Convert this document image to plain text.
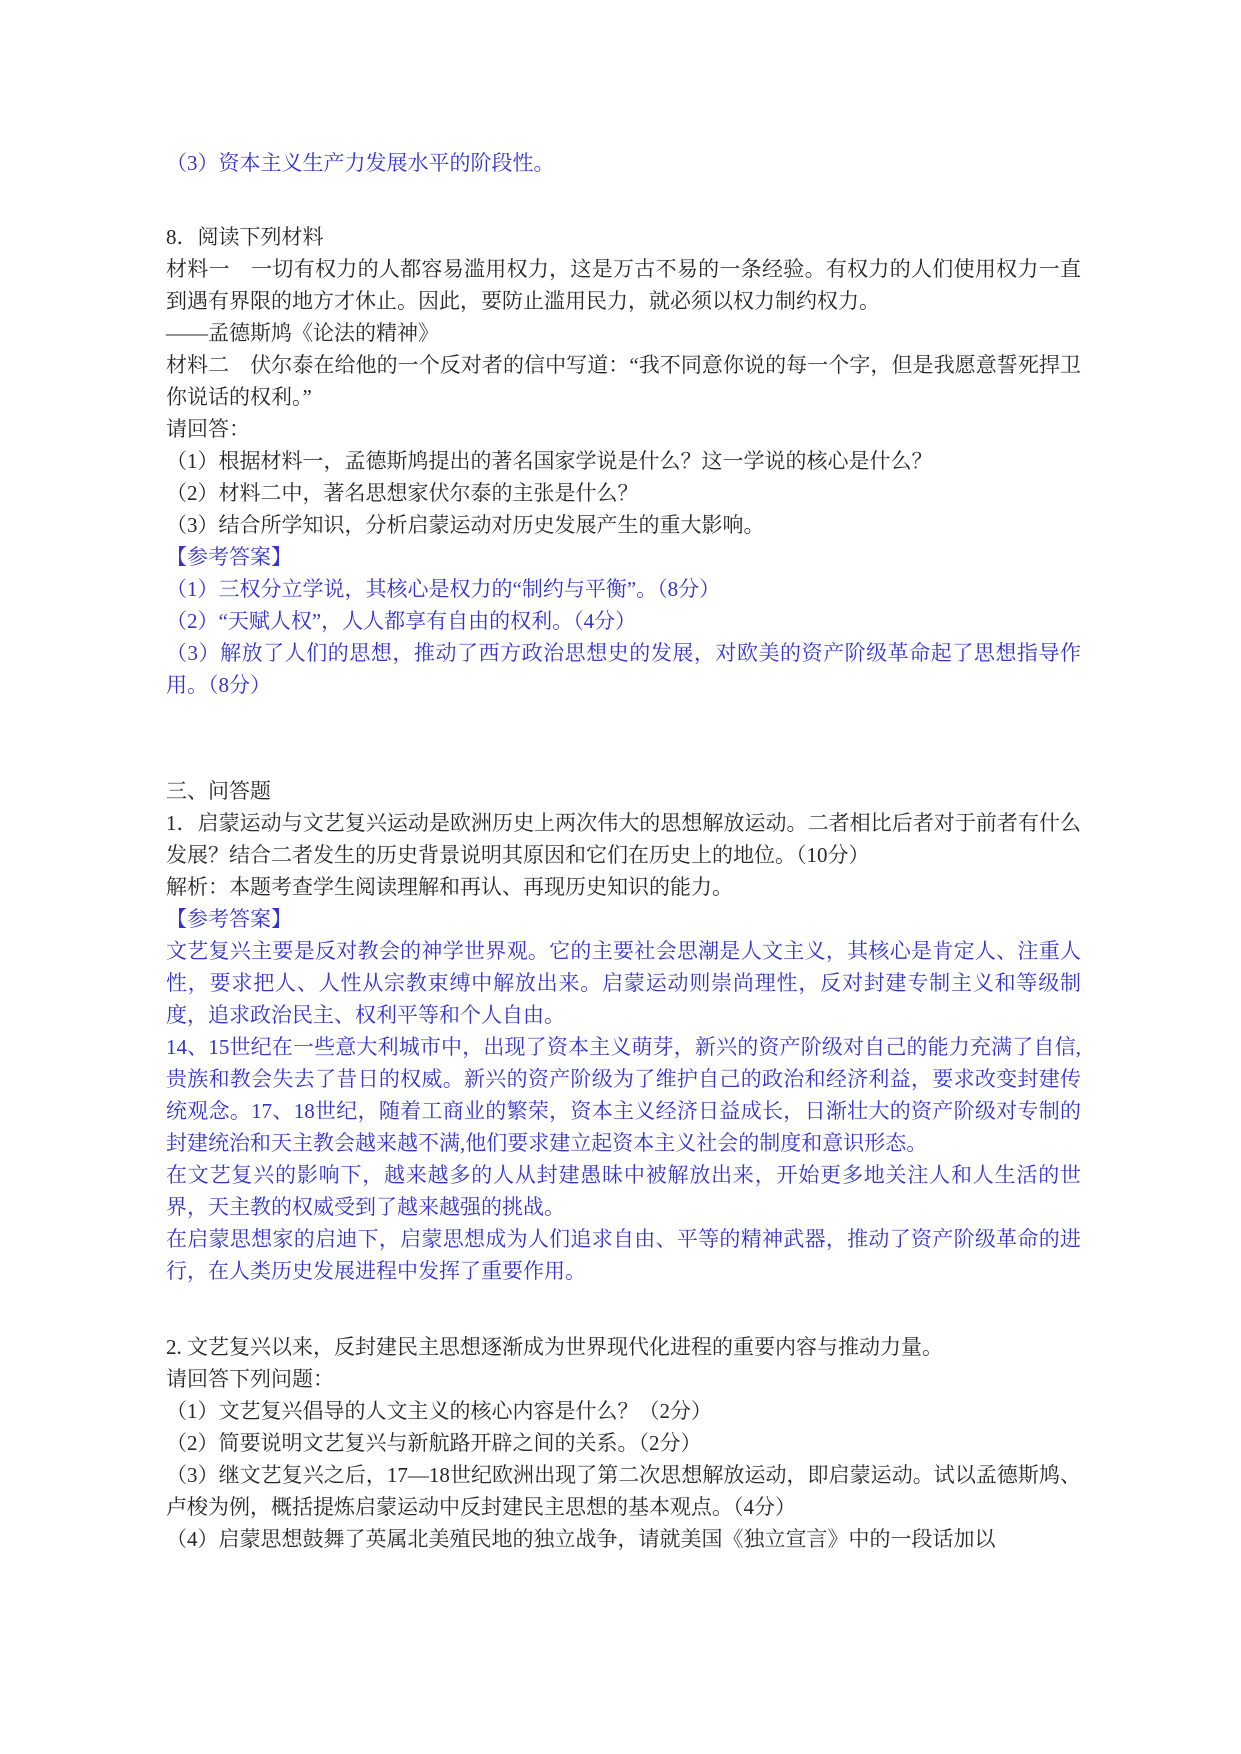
（3）资本主义生产力发展水平的阶段性。

8．阅读下列材料

材料一　一切有权力的人都容易滥用权力，这是万古不易的一条经验。有权力的人们使用权力一直到遇有界限的地方才休止。因此，要防止滥用民力，就必须以权力制约权力。

——孟德斯鸠《论法的精神》

材料二　伏尔泰在给他的一个反对者的信中写道：“我不同意你说的每一个字，但是我愿意誓死捍卫你说话的权利。”

请回答：

（1）根据材料一，孟德斯鸠提出的著名国家学说是什么？这一学说的核心是什么？

（2）材料二中，著名思想家伏尔泰的主张是什么？

（3）结合所学知识，分析启蒙运动对历史发展产生的重大影响。

【参考答案】

（1）三权分立学说，其核心是权力的“制约与平衡”。（8分）

（2）“天赋人权”，人人都享有自由的权利。（4分）

（3）解放了人们的思想，推动了西方政治思想史的发展，对欧美的资产阶级革命起了思想指导作用。（8分）

三、问答题

1．启蒙运动与文艺复兴运动是欧洲历史上两次伟大的思想解放运动。二者相比后者对于前者有什么发展？结合二者发生的历史背景说明其原因和它们在历史上的地位。（10分）

解析：本题考查学生阅读理解和再认、再现历史知识的能力。

【参考答案】

文艺复兴主要是反对教会的神学世界观。它的主要社会思潮是人文主义，其核心是肯定人、注重人性，要求把人、人性从宗教束缚中解放出来。启蒙运动则崇尚理性，反对封建专制主义和等级制度，追求政治民主、权利平等和个人自由。

14、15世纪在一些意大利城市中，出现了资本主义萌芽，新兴的资产阶级对自己的能力充满了自信,贵族和教会失去了昔日的权威。新兴的资产阶级为了维护自己的政治和经济利益，要求改变封建传统观念。17、18世纪，随着工商业的繁荣，资本主义经济日益成长，日渐壮大的资产阶级对专制的封建统治和天主教会越来越不满,他们要求建立起资本主义社会的制度和意识形态。

在文艺复兴的影响下，越来越多的人从封建愚昧中被解放出来，开始更多地关注人和人生活的世界，天主教的权威受到了越来越强的挑战。

在启蒙思想家的启迪下，启蒙思想成为人们追求自由、平等的精神武器，推动了资产阶级革命的进行，在人类历史发展进程中发挥了重要作用。

2. 文艺复兴以来，反封建民主思想逐渐成为世界现代化进程的重要内容与推动力量。

请回答下列问题：

（1）文艺复兴倡导的人文主义的核心内容是什么？（2分）

（2）简要说明文艺复兴与新航路开辟之间的关系。（2分）

（3）继文艺复兴之后，17—18世纪欧洲出现了第二次思想解放运动，即启蒙运动。试以孟德斯鸠、卢梭为例，概括提炼启蒙运动中反封建民主思想的基本观点。（4分）

（4）启蒙思想鼓舞了英属北美殖民地的独立战争，请就美国《独立宣言》中的一段话加以
